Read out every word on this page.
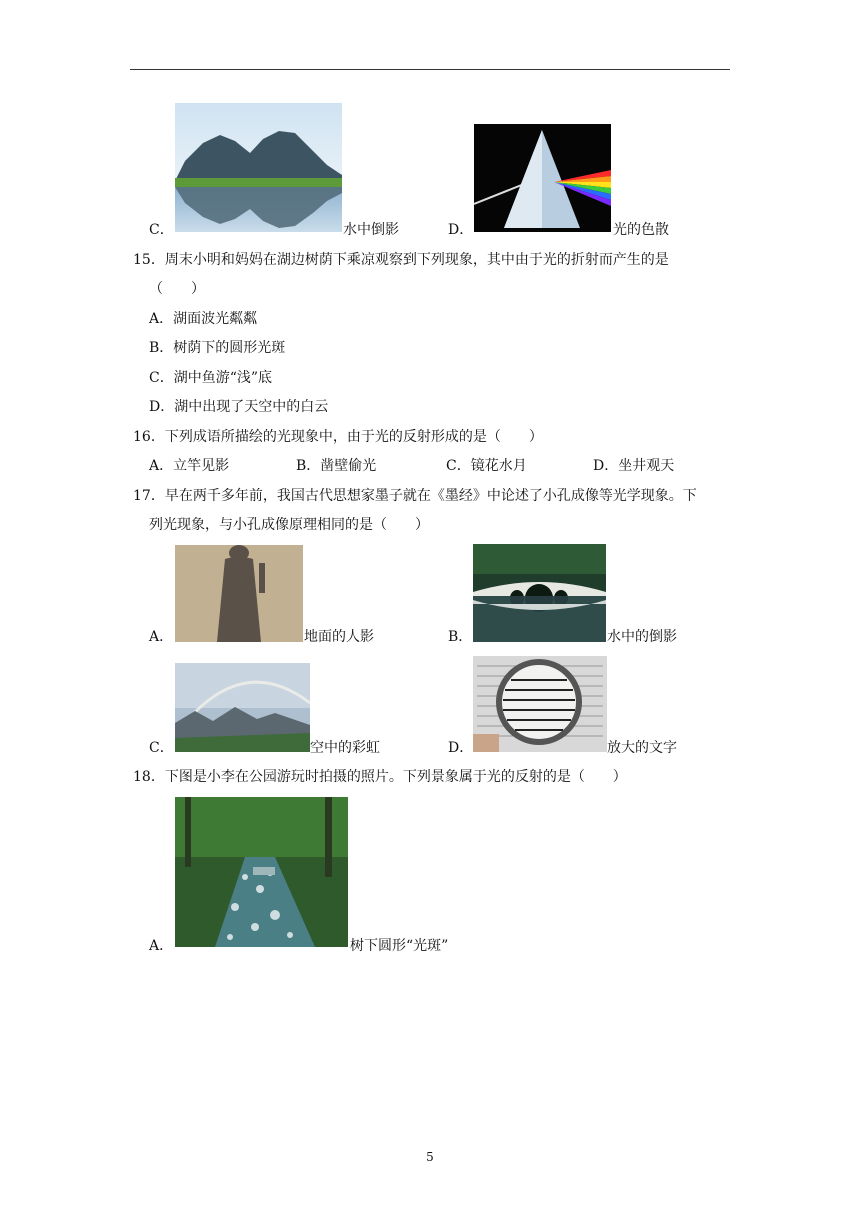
C．	水中倒影	D．	光的色散
15．周末小明和妈妈在湖边树荫下乘凉观察到下列现象，其中由于光的折射而产生的是
（　　）
A．湖面波光粼粼
B．树荫下的圆形光斑
C．湖中鱼游“浅”底
D．湖中出现了天空中的白云
16．下列成语所描绘的光现象中，由于光的反射形成的是（　　）
A．立竿见影	B．凿壁偷光	C．镜花水月	D．坐井观天
17．早在两千多年前，我国古代思想家墨子就在《墨经》中论述了小孔成像等光学现象。下
列光现象，与小孔成像原理相同的是（　　）
A．	地面的人影	B．	水中的倒影
C．	空中的彩虹	D．	放大的文字
18．下图是小李在公园游玩时拍摄的照片。下列景象属于光的反射的是（　　）
A．	树下圆形“光斑”
5
